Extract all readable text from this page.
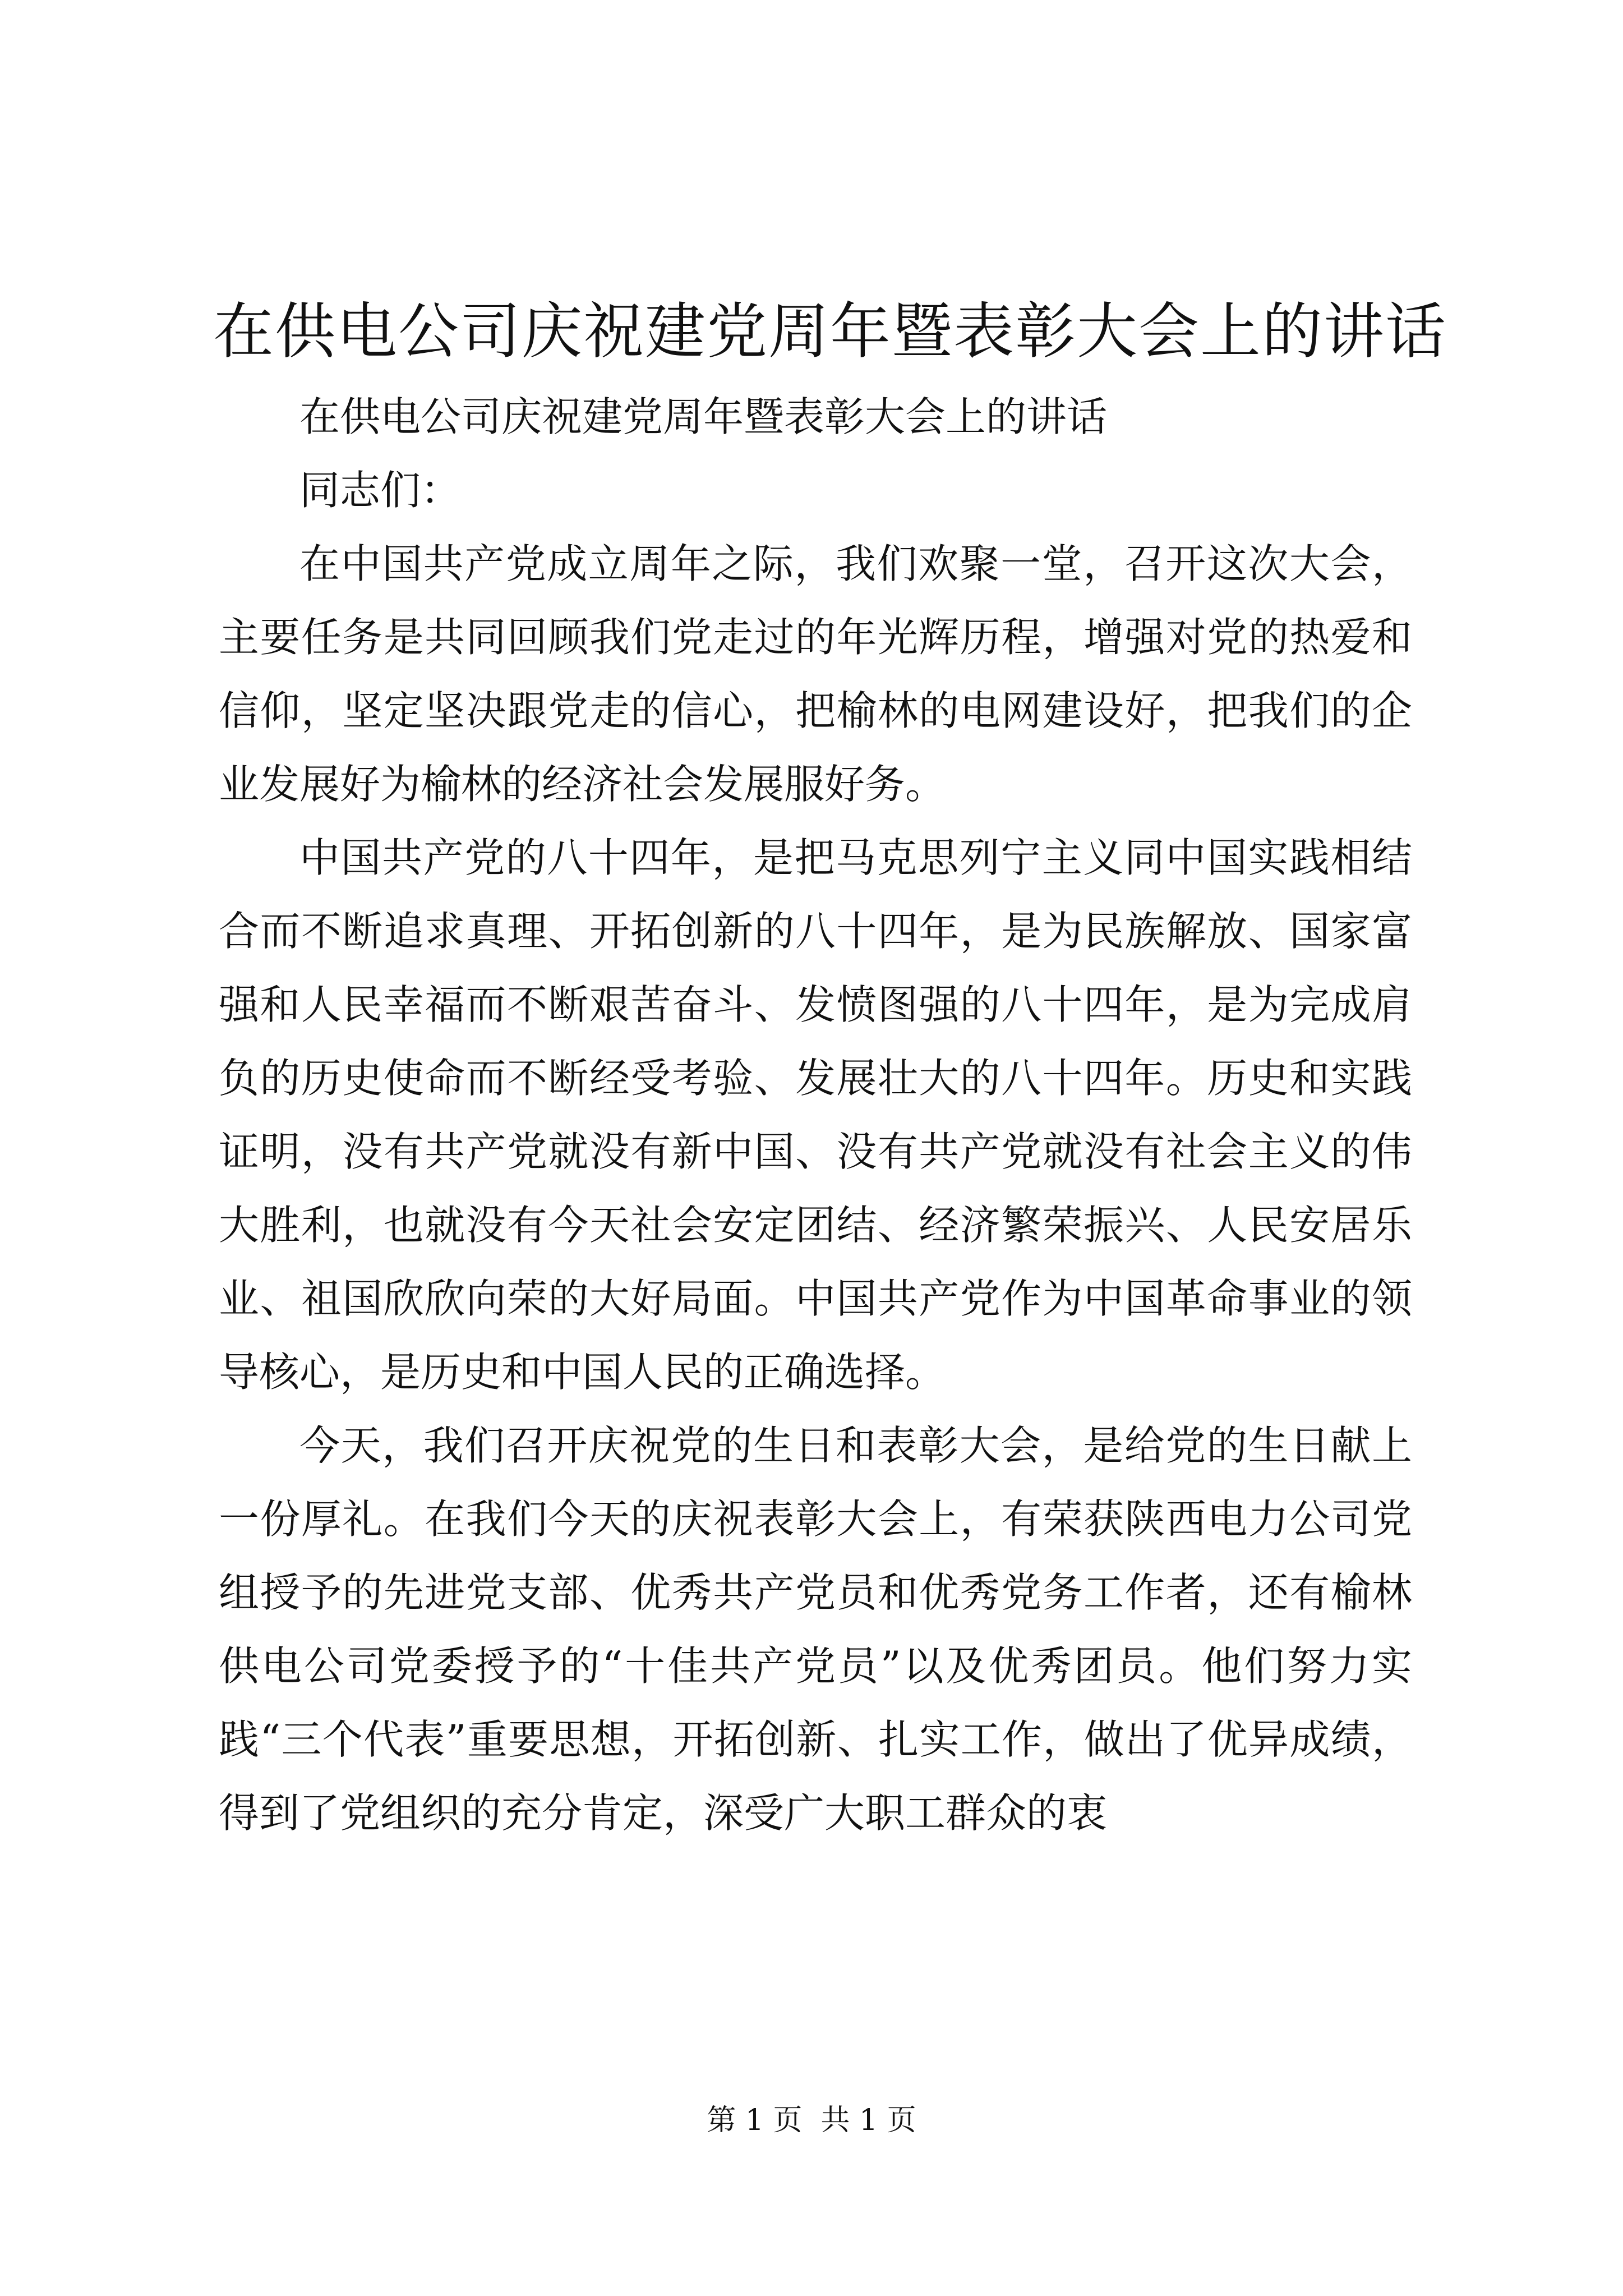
在供电公司庆祝建党周年暨表彰大会上的讲话

在供电公司庆祝建党周年暨表彰大会上的讲话

同志们：

在中国共产党成立周年之际，我们欢聚一堂，召开这次大会，主要任务是共同回顾我们党走过的年光辉历程，增强对党的热爱和信仰，坚定坚决跟党走的信心，把榆林的电网建设好，把我们的企业发展好为榆林的经济社会发展服好务。

中国共产党的八十四年，是把马克思列宁主义同中国实践相结合而不断追求真理、开拓创新的八十四年，是为民族解放、国家富强和人民幸福而不断艰苦奋斗、发愤图强的八十四年，是为完成肩负的历史使命而不断经受考验、发展壮大的八十四年。历史和实践证明，没有共产党就没有新中国、没有共产党就没有社会主义的伟大胜利，也就没有今天社会安定团结、经济繁荣振兴、人民安居乐业、祖国欣欣向荣的大好局面。中国共产党作为中国革命事业的领导核心，是历史和中国人民的正确选择。

今天，我们召开庆祝党的生日和表彰大会，是给党的生日献上一份厚礼。在我们今天的庆祝表彰大会上，有荣获陕西电力公司党组授予的先进党支部、优秀共产党员和优秀党务工作者，还有榆林供电公司党委授予的“十佳共产党员”以及优秀团员。他们努力实践“三个代表”重要思想，开拓创新、扎实工作，做出了优异成绩，得到了党组织的充分肯定，深受广大职工群众的衷

第 1 页  共 1 页
